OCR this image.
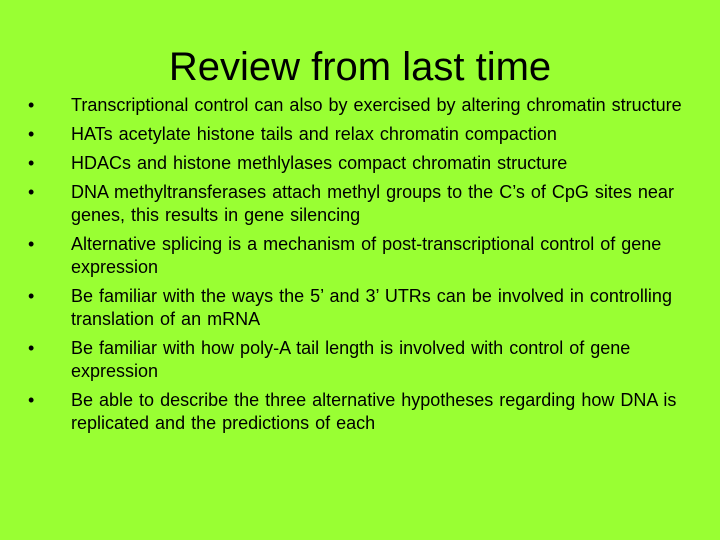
Review from last time
•	Transcriptional control can also by exercised by altering chromatin structure
•	HATs acetylate histone tails and relax chromatin compaction
•	HDACs and histone methlylases compact chromatin structure
•	DNA methyltransferases attach methyl groups to the C’s of CpG sites near genes, this results in gene silencing
•	Alternative splicing is a mechanism of post-transcriptional control of gene expression
•	Be familiar with the ways the 5’ and 3’ UTRs can be involved in controlling translation of an mRNA
•	Be familiar with how poly-A tail length is involved with control of gene expression
•	Be able to describe the three alternative hypotheses regarding how DNA is replicated and the predictions of each
